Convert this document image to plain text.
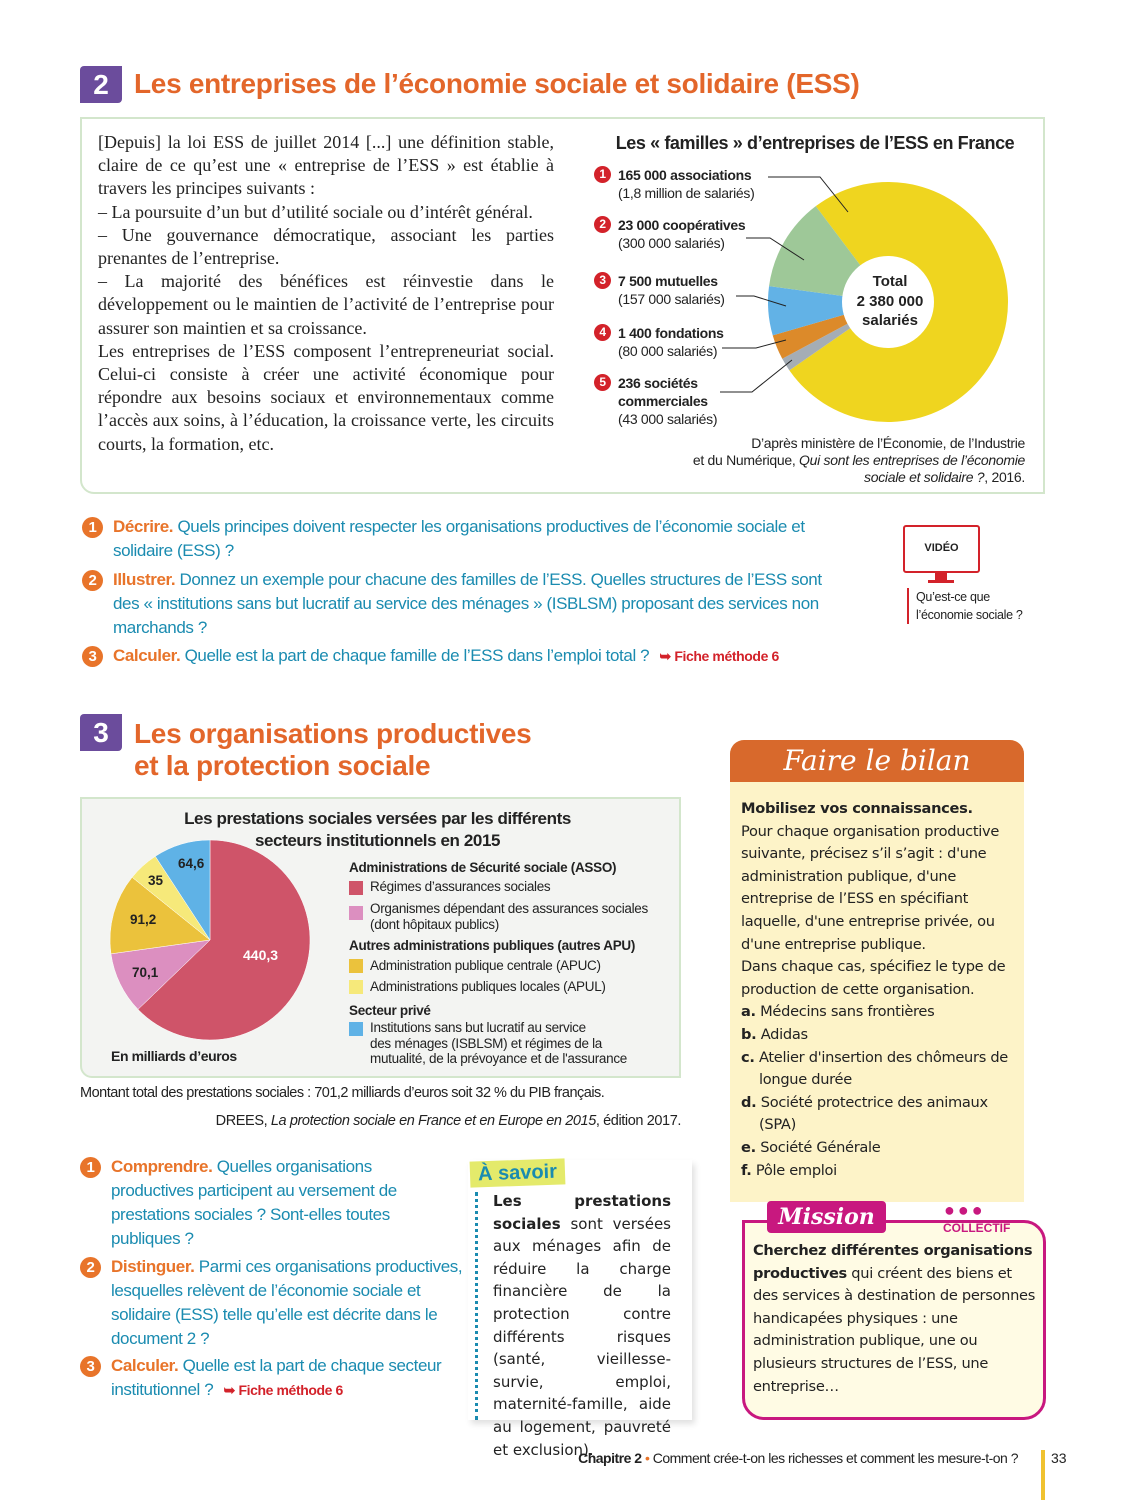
2 Les entreprises de l’économie sociale et solidaire (ESS)

[Depuis] la loi ESS de juillet 2014 [...] une définition stable, claire de ce qu’est une « entreprise de l’ESS » est établie à travers les principes suivants :

– La poursuite d’un but d’utilité sociale ou d’intérêt général.

– Une gouvernance démocratique, associant les parties prenantes de l’entreprise.

– La majorité des bénéfices est réinvestie dans le développement ou le maintien de l’activité de l’entreprise pour assurer son maintien et sa croissance.

Les entreprises de l’ESS composent l’entrepreneuriat social. Celui-ci consiste à créer une activité économique pour répondre aux besoins sociaux et environnementaux comme l’accès aux soins, à l’éducation, la croissance verte, les circuits courts, la formation, etc.

Les « familles » d’entreprises de l’ESS en France
1 165 000 associations
(1,8 million de salariés)
2 23 000 coopératives
(300 000 salariés)
3 7 500 mutuelles
(157 000 salariés)
4 1 400 fondations
(80 000 salariés)
5 236 sociétés commerciales
(43 000 salariés)
Total
2 380 000
salariés
D’après ministère de l’Économie, de l’Industrie
et du Numérique, Qui sont les entreprises de l’économie
sociale et solidaire ?, 2016.
1 Décrire. Quels principes doivent respecter les organisations productives de l’économie sociale et solidaire (ESS) ?
2 Illustrer. Donnez un exemple pour chacune des familles de l’ESS. Quelles structures de l’ESS sont des « institutions sans but lucratif au service des ménages » (ISBLSM) proposant des services non marchands ?
3 Calculer. Quelle est la part de chaque famille de l’ESS dans l’emploi total ? ➥ Fiche méthode 6
VIDÉO
Qu’est-ce que l’économie sociale ?
3 Les organisations productives
et la protection sociale
Les prestations sociales versées par les différents secteurs institutionnels en 2015
En milliards d’euros
440,3
70,1
91,2
35
64,6	Administrations de Sécurité sociale (ASSO)
Régimes d’assurances sociales
Organismes dépendant des assurances sociales
(dont hôpitaux publics)
Autres administrations publiques (autres APU)
Administration publique centrale (APUC)
Administrations publiques locales (APUL)
Secteur privé
Institutions sans but lucratif au service
des ménages (ISBLSM) et régimes de la
mutualité, de la prévoyance et de l'assurance
Montant total des prestations sociales : 701,2 milliards d’euros soit 32 % du PIB français.
DREES, La protection sociale en France et en Europe en 2015, édition 2017.
1 Comprendre. Quelles organisations productives participent au versement de prestations sociales ? Sont-elles toutes publiques ?
2 Distinguer. Parmi ces organisations productives, lesquelles relèvent de l’économie sociale et solidaire (ESS) telle qu’elle est décrite dans le document 2 ?
3 Calculer. Quelle est la part de chaque secteur institutionnel ? ➥ Fiche méthode 6
À savoir
Les prestations sociales sont versées aux ménages afin de réduire la charge financière de la protection contre différents risques (santé, vieillesse-survie, emploi, maternité-famille, aide au logement, pauvreté et exclusion).
Faire le bilan
Mobilisez vos connaissances.
Pour chaque organisation productive suivante, précisez s’il s’agit : d'une administration publique, d'une entreprise de l’ESS en spécifiant laquelle, d'une entreprise privée, ou d'une entreprise publique.
Dans chaque cas, spécifiez le type de production de cette organisation.
a. Médecins sans frontières
b. Adidas
c. Atelier d'insertion des chômeurs de longue durée
d. Société protectrice des animaux (SPA)
e. Société Générale
f. Pôle emploi
Mission	●●●
COLLECTIF
Cherchez différentes organisations productives qui créent des biens et des services à destination de personnes handicapées physiques : une administration publique, une ou plusieurs structures de l’ESS, une entreprise…
Chapitre 2 • Comment crée-t-on les richesses et comment les mesure-t-on ? 33
